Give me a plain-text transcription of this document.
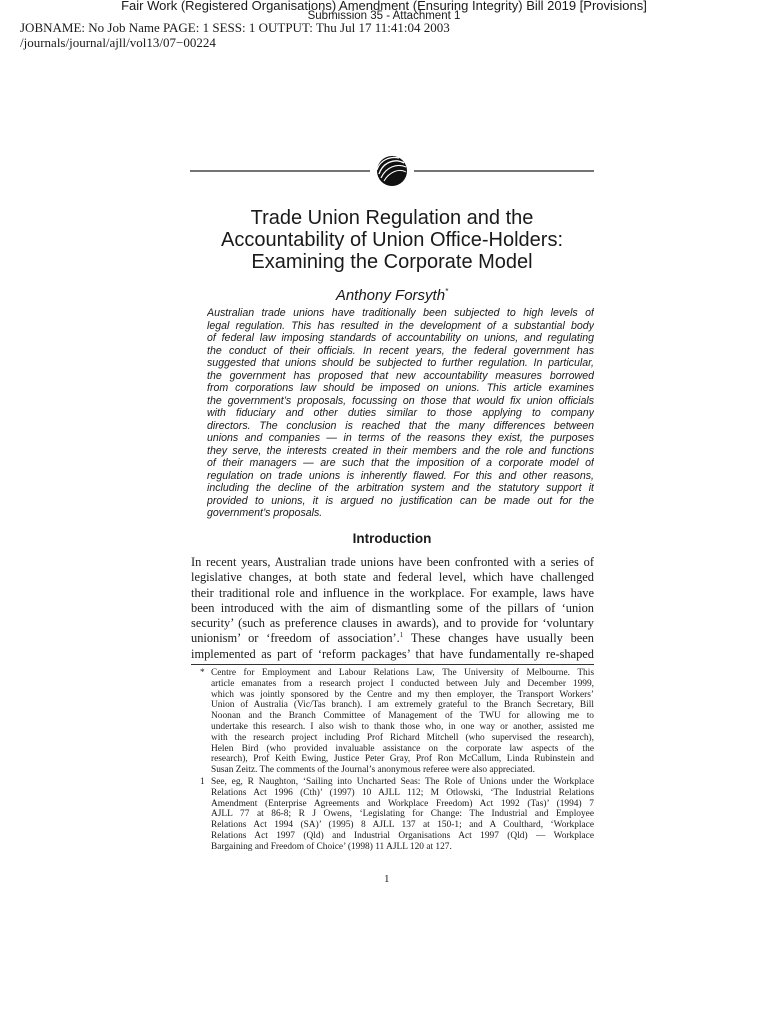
Fair Work (Registered Organisations) Amendment (Ensuring Integrity) Bill 2019 [Provisions]
Submission 35 - Attachment 1
JOBNAME: No Job Name PAGE: 1 SESS: 1 OUTPUT: Thu Jul 17 11:41:04 2003
/journals/journal/ajll/vol13/07−00224
Trade Union Regulation and the
Accountability of Union Office-Holders:
Examining the Corporate Model
Anthony Forsyth*
Australian trade unions have traditionally been subjected to high levels of
legal regulation. This has resulted in the development of a substantial body
of federal law imposing standards of accountability on unions, and regulating
the conduct of their officials. In recent years, the federal government has
suggested that unions should be subjected to further regulation. In particular,
the government has proposed that new accountability measures borrowed
from corporations law should be imposed on unions. This article examines
the government’s proposals, focussing on those that would fix union officials
with fiduciary and other duties similar to those applying to company
directors. The conclusion is reached that the many differences between
unions and companies — in terms of the reasons they exist, the purposes
they serve, the interests created in their members and the role and functions
of their managers — are such that the imposition of a corporate model of
regulation on trade unions is inherently flawed. For this and other reasons,
including the decline of the arbitration system and the statutory support it
provided to unions, it is argued no justification can be made out for the
government’s proposals.
Introduction
In recent years, Australian trade unions have been confronted with a series of
legislative changes, at both state and federal level, which have challenged
their traditional role and influence in the workplace. For example, laws have
been introduced with the aim of dismantling some of the pillars of ‘union
security’ (such as preference clauses in awards), and to provide for ‘voluntary
unionism’ or ‘freedom of association’.$^1$ These changes have usually been
implemented as part of ‘reform packages’ that have fundamentally re-shaped
* Centre for Employment and Labour Relations Law, The University of Melbourne. This
article emanates from a research project I conducted between July and December 1999,
which was jointly sponsored by the Centre and my then employer, the Transport Workers’
Union of Australia (Vic/Tas branch). I am extremely grateful to the Branch Secretary, Bill
Noonan and the Branch Committee of Management of the TWU for allowing me to
undertake this research. I also wish to thank those who, in one way or another, assisted me
with the research project including Prof Richard Mitchell (who supervised the research),
Helen Bird (who provided invaluable assistance on the corporate law aspects of the
research), Prof Keith Ewing, Justice Peter Gray, Prof Ron McCallum, Linda Rubinstein and
Susan Zeitz. The comments of the Journal’s anonymous referee were also appreciated.
1 See, eg, R Naughton, ‘Sailing into Uncharted Seas: The Role of Unions under the Workplace
Relations Act 1996 (Cth)’ (1997) 10 AJLL 112; M Otlowski, ‘The Industrial Relations
Amendment (Enterprise Agreements and Workplace Freedom) Act 1992 (Tas)’ (1994) 7
AJLL 77 at 86-8; R J Owens, ‘Legislating for Change: The Industrial and Employee
Relations Act 1994 (SA)’ (1995) 8 AJLL 137 at 150-1; and A Coulthard, ‘Workplace
Relations Act 1997 (Qld) and Industrial Organisations Act 1997 (Qld) — Workplace
Bargaining and Freedom of Choice’ (1998) 11 AJLL 120 at 127.
1
